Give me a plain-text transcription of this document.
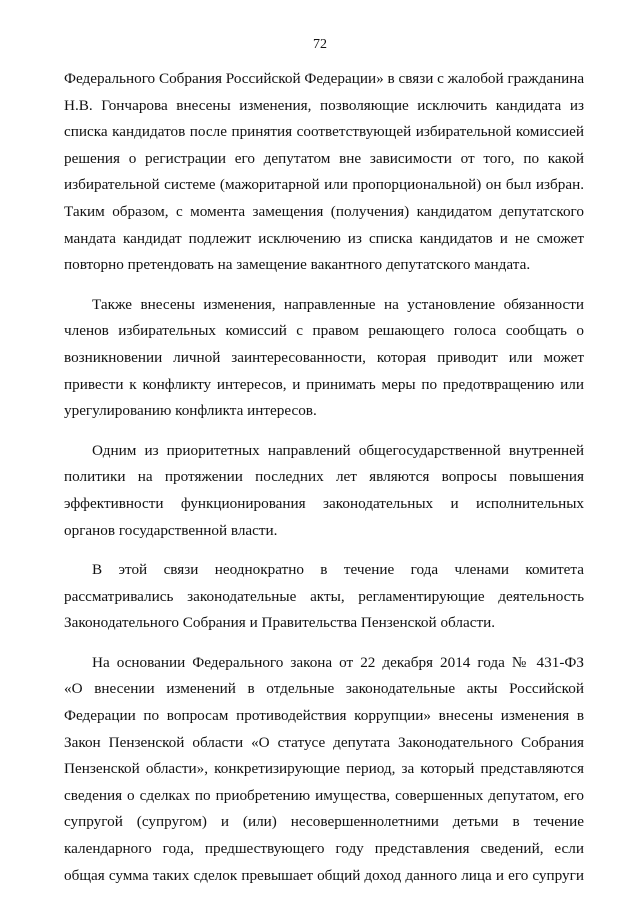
72
Федерального Собрания Российской Федерации» в связи с жалобой гражданина
Н.В. Гончарова внесены изменения, позволяющие исключить кандидата из
списка кандидатов после принятия соответствующей избирательной комиссией
решения о регистрации его депутатом вне зависимости от того, по какой
избирательной системе (мажоритарной или пропорциональной) он был избран.
Таким образом, с момента замещения (получения) кандидатом депутатского
мандата кандидат подлежит исключению из списка кандидатов и не сможет
повторно претендовать на замещение вакантного депутатского мандата.
Также внесены изменения, направленные на установление обязанности
членов избирательных комиссий с правом решающего голоса сообщать о
возникновении личной заинтересованности, которая приводит или может
привести к конфликту интересов, и принимать меры по предотвращению или
урегулированию конфликта интересов.
Одним из приоритетных направлений общегосударственной внутренней
политики на протяжении последних лет являются вопросы повышения
эффективности функционирования законодательных и исполнительных
органов государственной власти.
В этой связи неоднократно в течение года членами комитета
рассматривались законодательные акты, регламентирующие деятельность
Законодательного Собрания и Правительства Пензенской области.
На основании Федерального закона от 22 декабря 2014 года № 431-ФЗ
«О внесении изменений в отдельные законодательные акты Российской
Федерации по вопросам противодействия коррупции» внесены изменения в
Закон Пензенской области «О статусе депутата Законодательного Собрания
Пензенской области», конкретизирующие период, за который представляются
сведения о сделках по приобретению имущества, совершенных депутатом, его
супругой (супругом) и (или) несовершеннолетними детьми в течение
календарного года, предшествующего году представления сведений, если
общая сумма таких сделок превышает общий доход данного лица и его супруги
